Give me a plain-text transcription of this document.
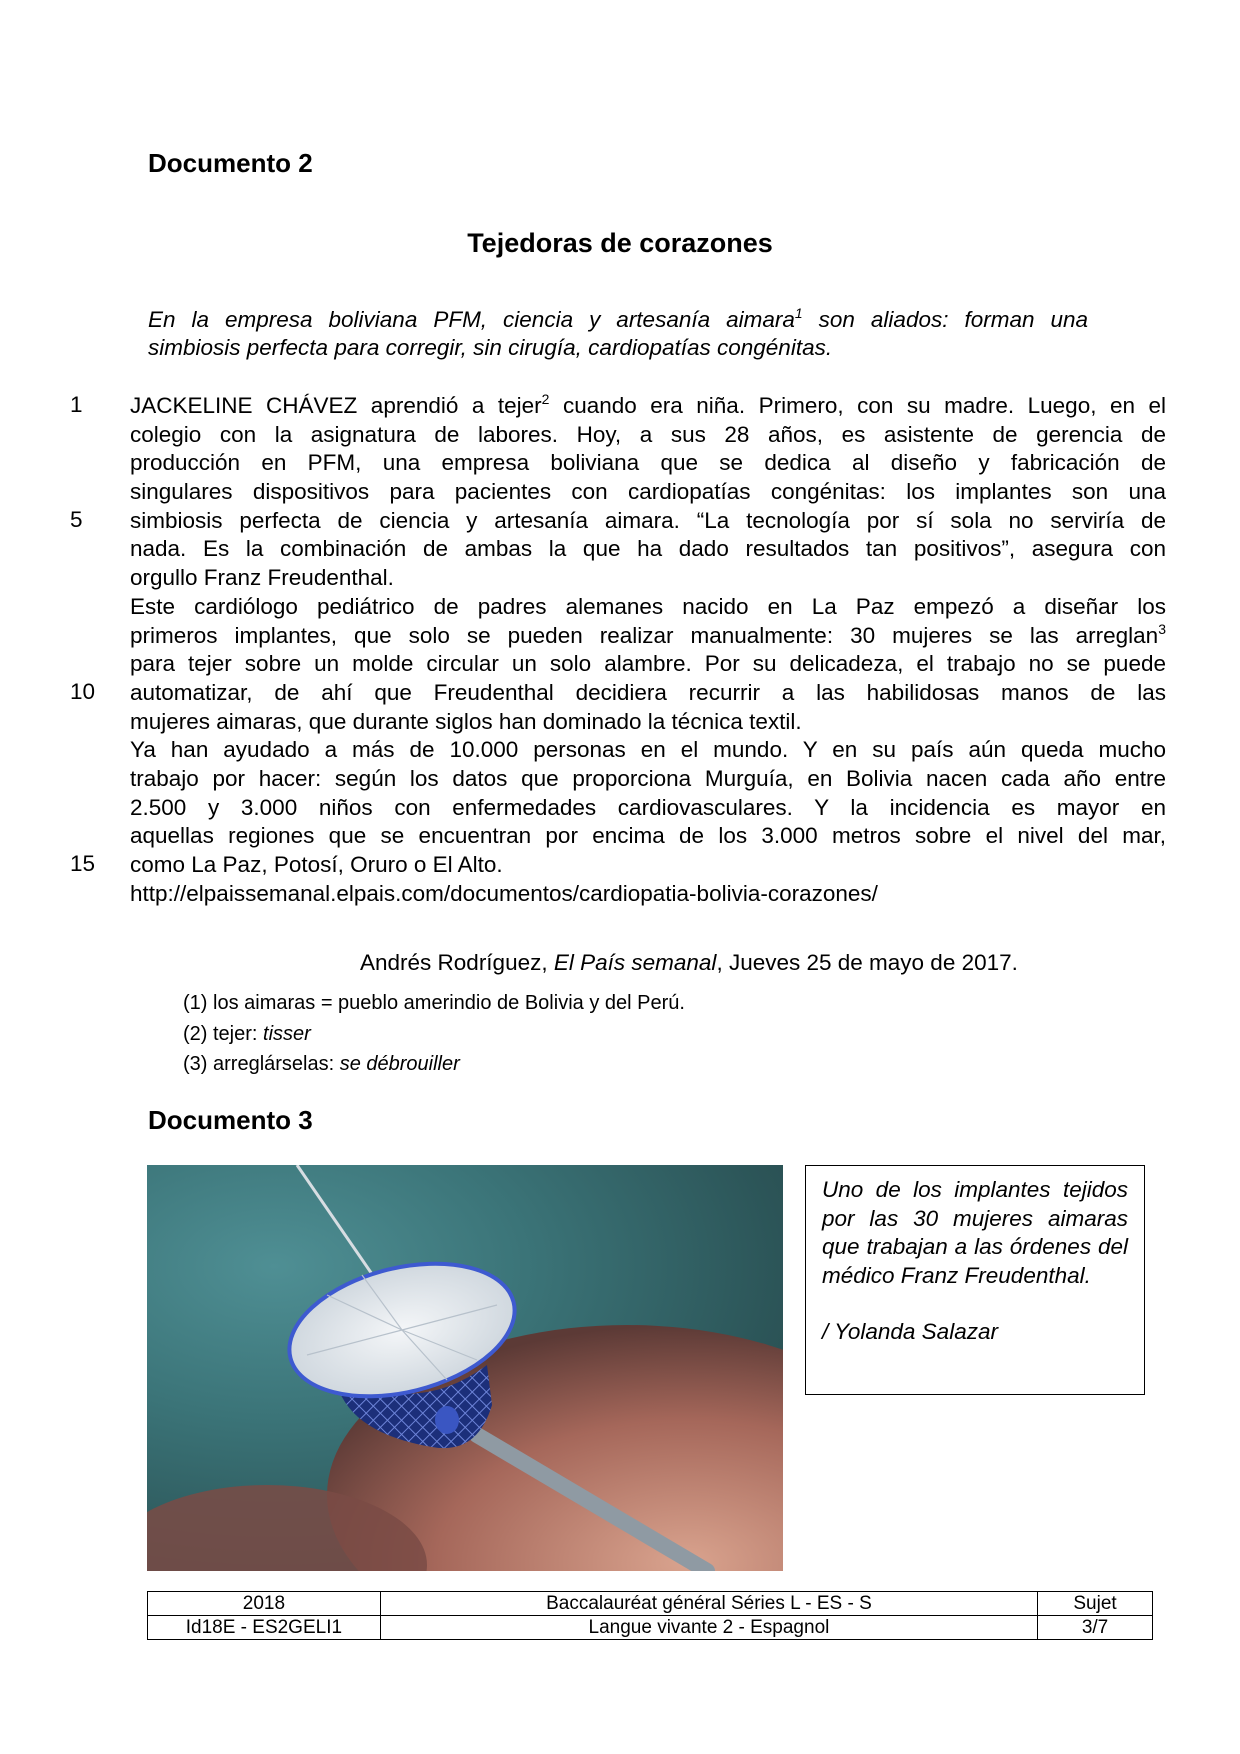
Documento 2
Tejedoras de corazones

En la empresa boliviana PFM, ciencia y artesanía aimara$^1$ son aliados: forman una

simbiosis perfecta para corregir, sin cirugía, cardiopatías congénitas.

1
5
10
15
JACKELINE CHÁVEZ aprendió a tejer$^2$ cuando era niña. Primero, con su madre. Luego, en el
colegio con la asignatura de labores. Hoy, a sus 28 años, es asistente de gerencia de
producción en PFM, una empresa boliviana que se dedica al diseño y fabricación de
singulares dispositivos para pacientes con cardiopatías congénitas: los implantes son una
simbiosis perfecta de ciencia y artesanía aimara. “La tecnología por sí sola no serviría de
nada. Es la combinación de ambas la que ha dado resultados tan positivos”, asegura con
orgullo Franz Freudenthal.
Este cardiólogo pediátrico de padres alemanes nacido en La Paz empezó a diseñar los
primeros implantes, que solo se pueden realizar manualmente: 30 mujeres se las arreglan$^3$
para tejer sobre un molde circular un solo alambre. Por su delicadeza, el trabajo no se puede
automatizar, de ahí que Freudenthal decidiera recurrir a las habilidosas manos de las
mujeres aimaras, que durante siglos han dominado la técnica textil.
Ya han ayudado a más de 10.000 personas en el mundo. Y en su país aún queda mucho
trabajo por hacer: según los datos que proporciona Murguía, en Bolivia nacen cada año entre
2.500 y 3.000 niños con enfermedades cardiovasculares. Y la incidencia es mayor en
aquellas regiones que se encuentran por encima de los 3.000 metros sobre el nivel del mar,
como La Paz, Potosí, Oruro o El Alto.
http://elpaissemanal.elpais.com/documentos/cardiopatia-bolivia-corazones/
Andrés Rodríguez, El País semanal, Jueves 25 de mayo de 2017.
(1) los aimaras = pueblo amerindio de Bolivia y del Perú.
(2) tejer: tisser
(3) arreglárselas: se débrouiller
Documento 3

Uno de los implantes tejidos por las 30 mujeres aimaras que trabajan a las órdenes del médico Franz Freudenthal.

/ Yolanda Salazar

2018	Baccalauréat général Séries L - ES - S	Sujet
Id18E - ES2GELI1	Langue vivante 2 - Espagnol	3/7
